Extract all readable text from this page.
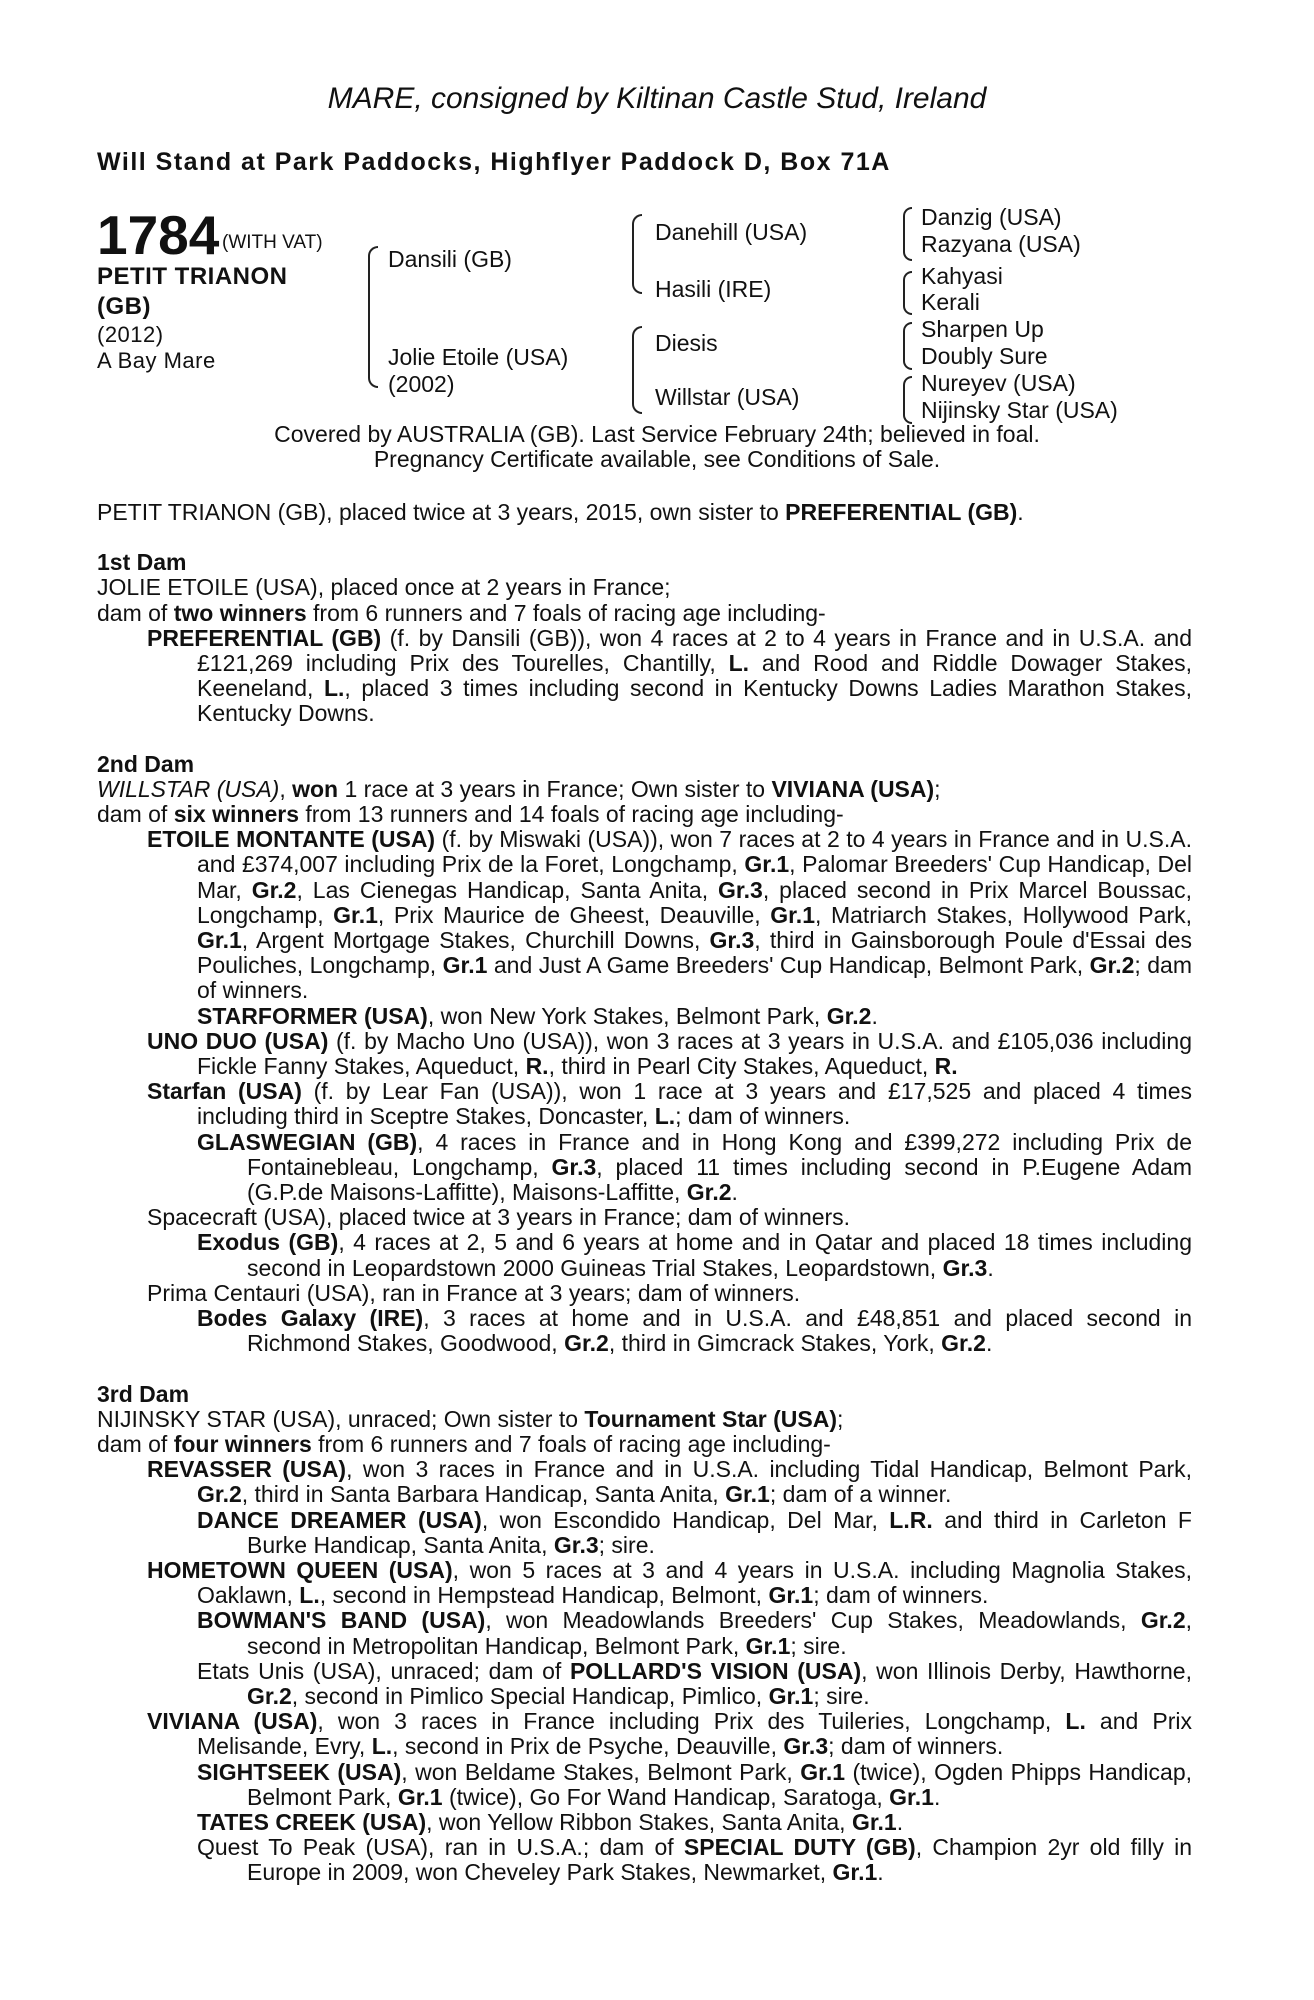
MARE, consigned by Kiltinan Castle Stud, Ireland
Will Stand at Park Paddocks, Highflyer Paddock D, Box 71A
1784 (WITH VAT)
PETIT TRIANON
(GB)
(2012)
A Bay Mare
Dansili (GB)
Jolie Etoile (USA)
(2002)
Danehill (USA)
Hasili (IRE)
Diesis
Willstar (USA)
Danzig (USA)
Razyana (USA)
Kahyasi
Kerali
Sharpen Up
Doubly Sure
Nureyev (USA)
Nijinsky Star (USA)
Covered by AUSTRALIA (GB). Last Service February 24th; believed in foal.
Pregnancy Certificate available, see Conditions of Sale.

PETIT TRIANON (GB), placed twice at 3 years, 2015, own sister to PREFERENTIAL (GB).

1st Dam

JOLIE ETOILE (USA), placed once at 2 years in France;

dam of two winners from 6 runners and 7 foals of racing age including-

PREFERENTIAL (GB) (f. by Dansili (GB)), won 4 races at 2 to 4 years in France and in U.S.A. and £121,269 including Prix des Tourelles, Chantilly, L. and Rood and Riddle Dowager Stakes, Keeneland, L., placed 3 times including second in Kentucky Downs Ladies Marathon Stakes, Kentucky Downs.

2nd Dam

WILLSTAR (USA), won 1 race at 3 years in France; Own sister to VIVIANA (USA);

dam of six winners from 13 runners and 14 foals of racing age including-

ETOILE MONTANTE (USA) (f. by Miswaki (USA)), won 7 races at 2 to 4 years in France and in U.S.A. and £374,007 including Prix de la Foret, Longchamp, Gr.1, Palomar Breeders' Cup Handicap, Del Mar, Gr.2, Las Cienegas Handicap, Santa Anita, Gr.3, placed second in Prix Marcel Boussac, Longchamp, Gr.1, Prix Maurice de Gheest, Deauville, Gr.1, Matriarch Stakes, Hollywood Park, Gr.1, Argent Mortgage Stakes, Churchill Downs, Gr.3, third in Gainsborough Poule d'Essai des Pouliches, Longchamp, Gr.1 and Just A Game Breeders' Cup Handicap, Belmont Park, Gr.2; dam of winners.

STARFORMER (USA), won New York Stakes, Belmont Park, Gr.2.

UNO DUO (USA) (f. by Macho Uno (USA)), won 3 races at 3 years in U.S.A. and £105,036 including Fickle Fanny Stakes, Aqueduct, R., third in Pearl City Stakes, Aqueduct, R.

Starfan (USA) (f. by Lear Fan (USA)), won 1 race at 3 years and £17,525 and placed 4 times including third in Sceptre Stakes, Doncaster, L.; dam of winners.

GLASWEGIAN (GB), 4 races in France and in Hong Kong and £399,272 including Prix de Fontainebleau, Longchamp, Gr.3, placed 11 times including second in P.Eugene Adam (G.P.de Maisons-Laffitte), Maisons-Laffitte, Gr.2.

Spacecraft (USA), placed twice at 3 years in France; dam of winners.

Exodus (GB), 4 races at 2, 5 and 6 years at home and in Qatar and placed 18 times including second in Leopardstown 2000 Guineas Trial Stakes, Leopardstown, Gr.3.

Prima Centauri (USA), ran in France at 3 years; dam of winners.

Bodes Galaxy (IRE), 3 races at home and in U.S.A. and £48,851 and placed second in Richmond Stakes, Goodwood, Gr.2, third in Gimcrack Stakes, York, Gr.2.

3rd Dam

NIJINSKY STAR (USA), unraced; Own sister to Tournament Star (USA);

dam of four winners from 6 runners and 7 foals of racing age including-

REVASSER (USA), won 3 races in France and in U.S.A. including Tidal Handicap, Belmont Park, Gr.2, third in Santa Barbara Handicap, Santa Anita, Gr.1; dam of a winner.

DANCE DREAMER (USA), won Escondido Handicap, Del Mar, L.R. and third in Carleton F Burke Handicap, Santa Anita, Gr.3; sire.

HOMETOWN QUEEN (USA), won 5 races at 3 and 4 years in U.S.A. including Magnolia Stakes, Oaklawn, L., second in Hempstead Handicap, Belmont, Gr.1; dam of winners.

BOWMAN'S BAND (USA), won Meadowlands Breeders' Cup Stakes, Meadowlands, Gr.2, second in Metropolitan Handicap, Belmont Park, Gr.1; sire.

Etats Unis (USA), unraced; dam of POLLARD'S VISION (USA), won Illinois Derby, Hawthorne, Gr.2, second in Pimlico Special Handicap, Pimlico, Gr.1; sire.

VIVIANA (USA), won 3 races in France including Prix des Tuileries, Longchamp, L. and Prix Melisande, Evry, L., second in Prix de Psyche, Deauville, Gr.3; dam of winners.

SIGHTSEEK (USA), won Beldame Stakes, Belmont Park, Gr.1 (twice), Ogden Phipps Handicap, Belmont Park, Gr.1 (twice), Go For Wand Handicap, Saratoga, Gr.1.

TATES CREEK (USA), won Yellow Ribbon Stakes, Santa Anita, Gr.1.

Quest To Peak (USA), ran in U.S.A.; dam of SPECIAL DUTY (GB), Champion 2yr old filly in Europe in 2009, won Cheveley Park Stakes, Newmarket, Gr.1.
